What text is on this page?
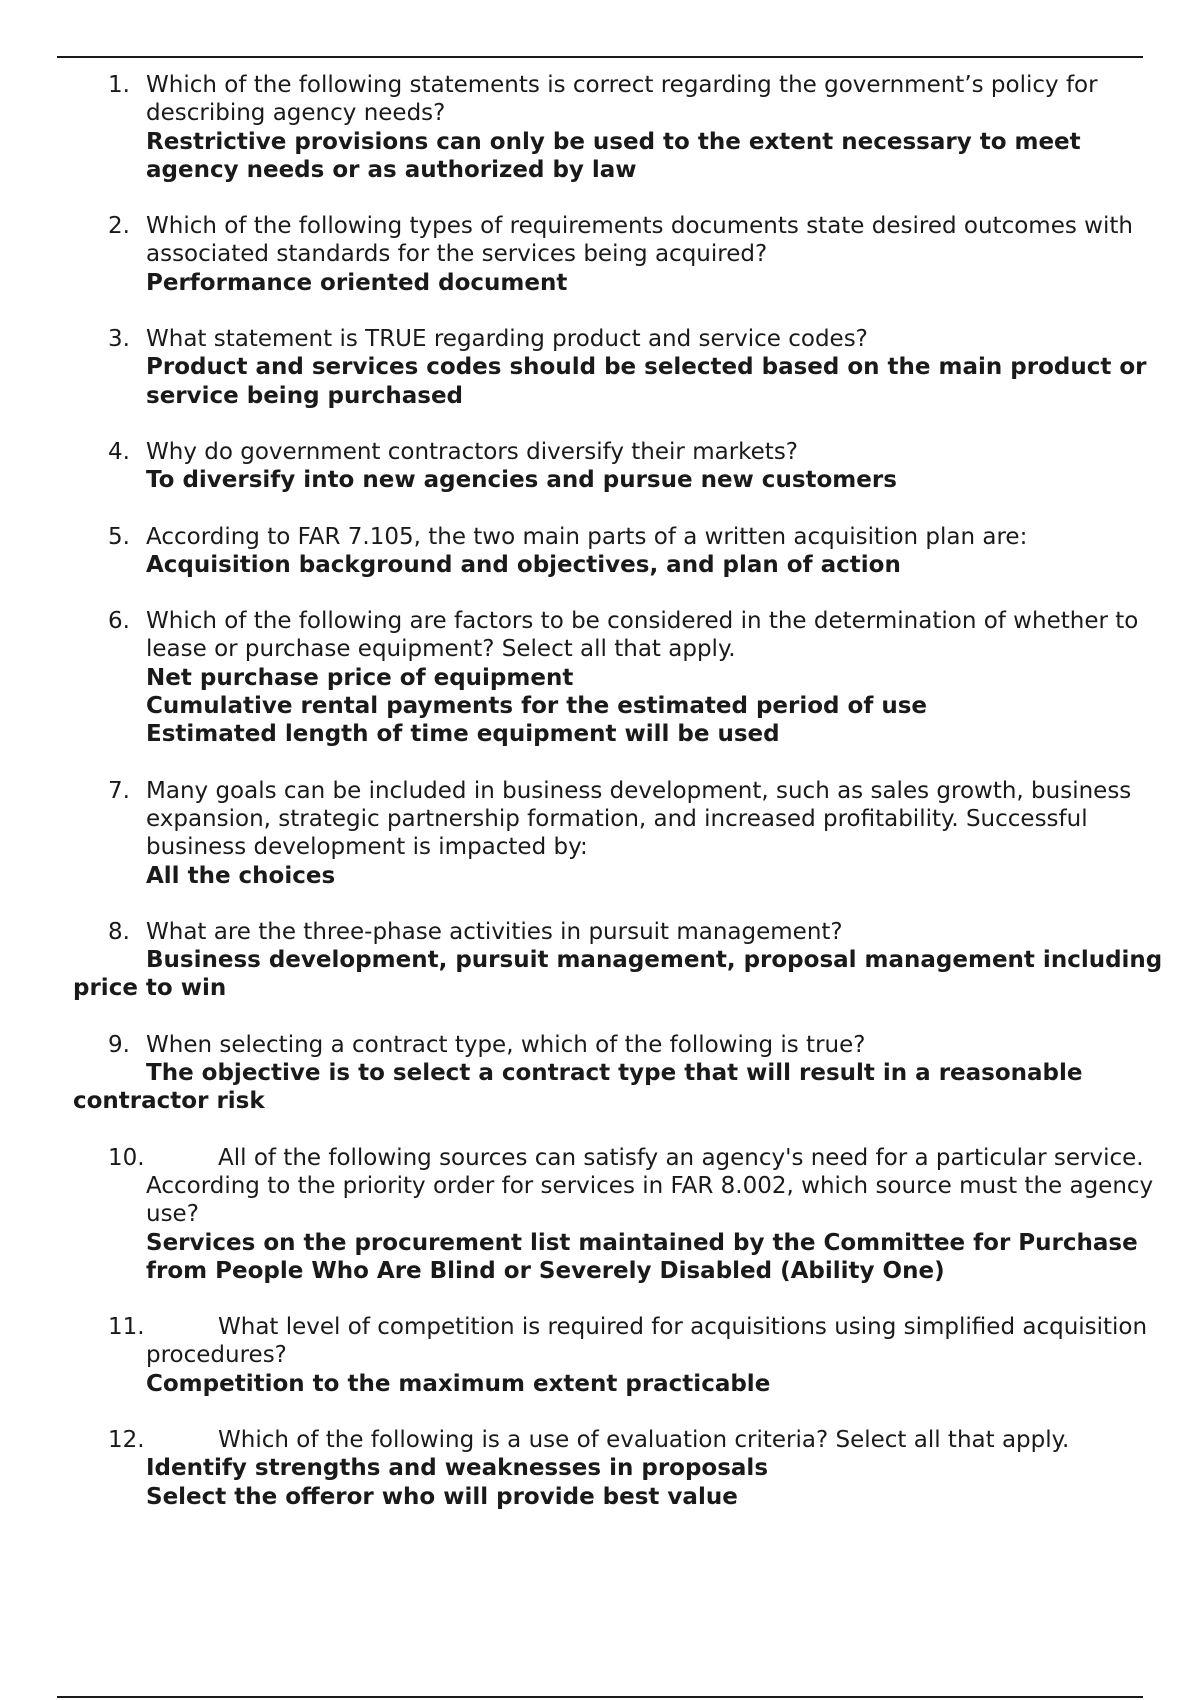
1. Which of the following statements is correct regarding the government’s policy for describing agency needs?
Restrictive provisions can only be used to the extent necessary to meet agency needs or as authorized by law
2. Which of the following types of requirements documents state desired outcomes with associated standards for the services being acquired?
Performance oriented document
3. What statement is TRUE regarding product and service codes?
Product and services codes should be selected based on the main product or service being purchased
4. Why do government contractors diversify their markets?
To diversify into new agencies and pursue new customers
5. According to FAR 7.105, the two main parts of a written acquisition plan are:
Acquisition background and objectives, and plan of action
6. Which of the following are factors to be considered in the determination of whether to lease or purchase equipment? Select all that apply.
Net purchase price of equipment
Cumulative rental payments for the estimated period of use
Estimated length of time equipment will be used
7. Many goals can be included in business development, such as sales growth, business expansion, strategic partnership formation, and increased profitability. Successful business development is impacted by:
All the choices
8. What are the three-phase activities in pursuit management?
Business development, pursuit management, proposal management including price to win
9. When selecting a contract type, which of the following is true?
The objective is to select a contract type that will result in a reasonable contractor risk
10.	All of the following sources can satisfy an agency's need for a particular service. According to the priority order for services in FAR 8.002, which source must the agency use?
Services on the procurement list maintained by the Committee for Purchase from People Who Are Blind or Severely Disabled (Ability One)
11.	What level of competition is required for acquisitions using simplified acquisition procedures?
Competition to the maximum extent practicable
12.	Which of the following is a use of evaluation criteria? Select all that apply.
Identify strengths and weaknesses in proposals
Select the offeror who will provide best value
